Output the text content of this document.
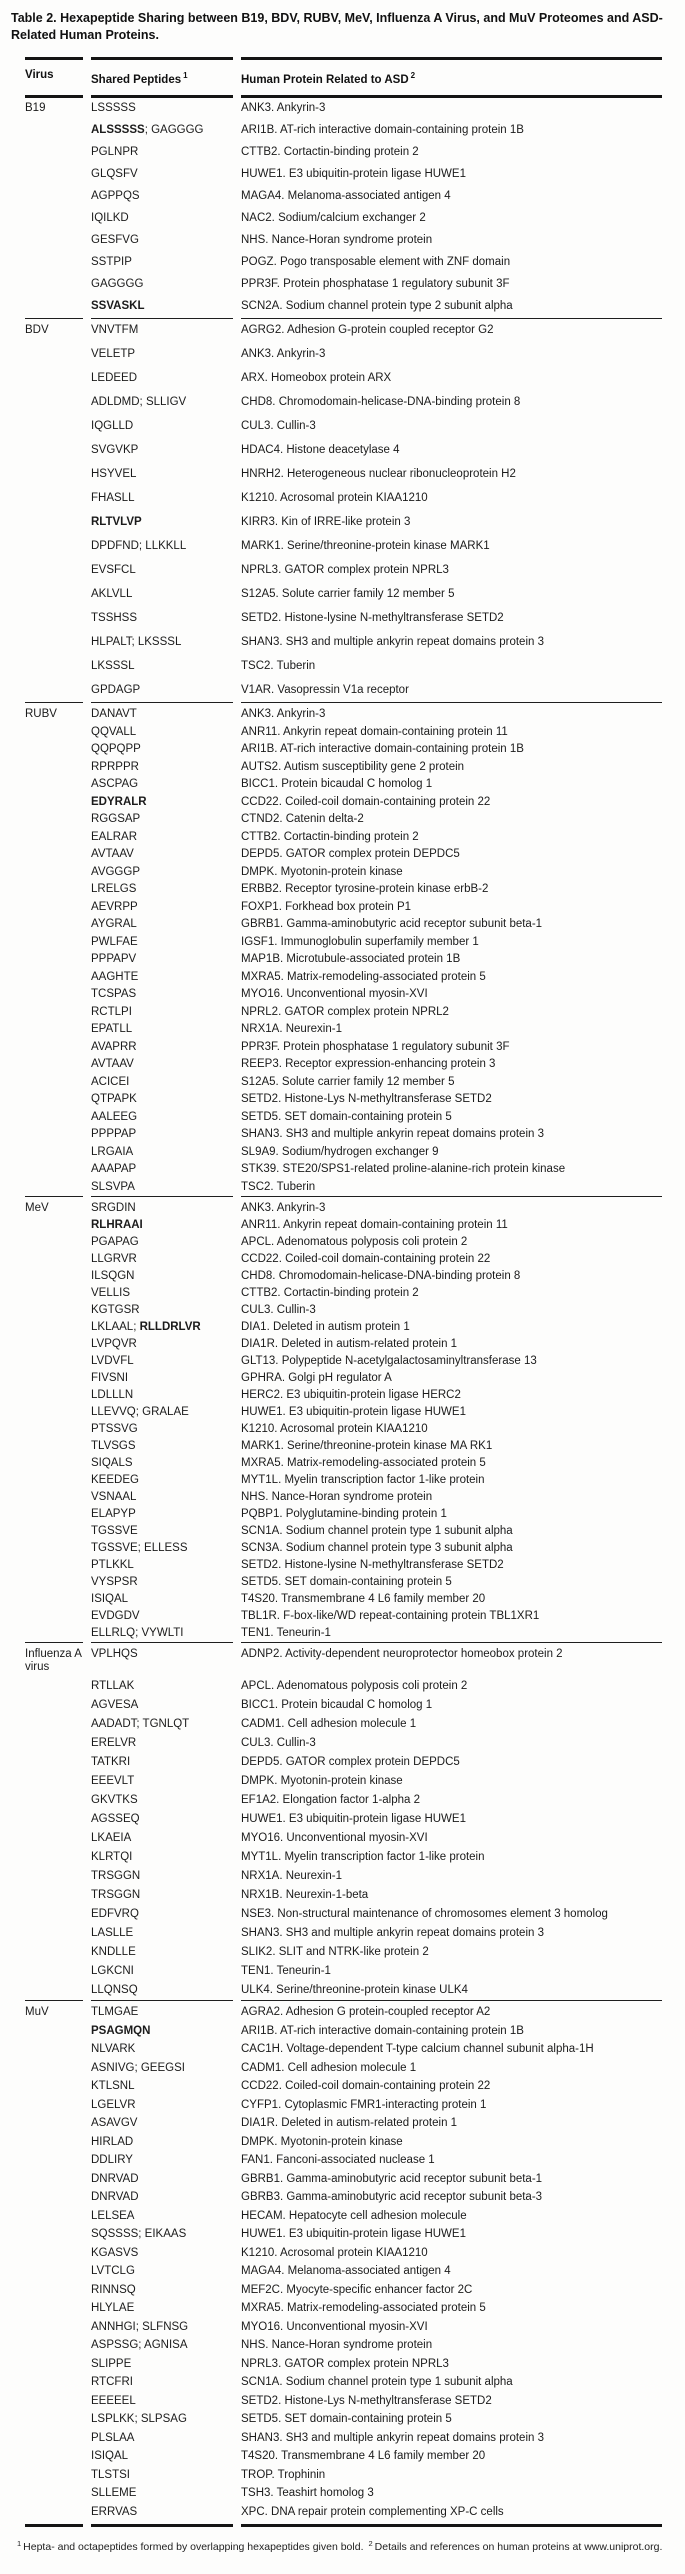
Table 2. Hexapeptide Sharing between B19, BDV, RUBV, MeV, Influenza A Virus, and MuV Proteomes and ASD-Related Human Proteins.
Virus	Shared Peptides $^1$	Human Protein Related to ASD $^2$
B19	LSSSSS	ANK3. Ankyrin-3
	ALSSSSS; GAGGGG	ARI1B. AT-rich interactive domain-containing protein 1B
	PGLNPR	CTTB2. Cortactin-binding protein 2
	GLQSFV	HUWE1. E3 ubiquitin-protein ligase HUWE1
	AGPPQS	MAGA4. Melanoma-associated antigen 4
	IQILKD	NAC2. Sodium/calcium exchanger 2
	GESFVG	NHS. Nance-Horan syndrome protein
	SSTPIP	POGZ. Pogo transposable element with ZNF domain
	GAGGGG	PPR3F. Protein phosphatase 1 regulatory subunit 3F
	SSVASKL	SCN2A. Sodium channel protein type 2 subunit alpha
BDV	VNVTFM	AGRG2. Adhesion G-protein coupled receptor G2
	VELETP	ANK3. Ankyrin-3
	LEDEED	ARX. Homeobox protein ARX
	ADLDMD; SLLIGV	CHD8. Chromodomain-helicase-DNA-binding protein 8
	IQGLLD	CUL3. Cullin-3
	SVGVKP	HDAC4. Histone deacetylase 4
	HSYVEL	HNRH2. Heterogeneous nuclear ribonucleoprotein H2
	FHASLL	K1210. Acrosomal protein KIAA1210
	RLTVLVP	KIRR3. Kin of IRRE-like protein 3
	DPDFND; LLKKLL	MARK1. Serine/threonine-protein kinase MARK1
	EVSFCL	NPRL3. GATOR complex protein NPRL3
	AKLVLL	S12A5. Solute carrier family 12 member 5
	TSSHSS	SETD2. Histone-lysine N-methyltransferase SETD2
	HLPALT; LKSSSL	SHAN3. SH3 and multiple ankyrin repeat domains protein 3
	LKSSSL	TSC2. Tuberin
	GPDAGP	V1AR. Vasopressin V1a receptor
RUBV	DANAVT	ANK3. Ankyrin-3
	QQVALL	ANR11. Ankyrin repeat domain-containing protein 11
	QQPQPP	ARI1B. AT-rich interactive domain-containing protein 1B
	RPRPPR	AUTS2. Autism susceptibility gene 2 protein
	ASCPAG	BICC1. Protein bicaudal C homolog 1
	EDYRALR	CCD22. Coiled-coil domain-containing protein 22
	RGGSAP	CTND2. Catenin delta-2
	EALRAR	CTTB2. Cortactin-binding protein 2
	AVTAAV	DEPD5. GATOR complex protein DEPDC5
	AVGGGP	DMPK. Myotonin-protein kinase
	LRELGS	ERBB2. Receptor tyrosine-protein kinase erbB-2
	AEVRPP	FOXP1. Forkhead box protein P1
	AYGRAL	GBRB1. Gamma-aminobutyric acid receptor subunit beta-1
	PWLFAE	IGSF1. Immunoglobulin superfamily member 1
	PPPAPV	MAP1B. Microtubule-associated protein 1B
	AAGHTE	MXRA5. Matrix-remodeling-associated protein 5
	TCSPAS	MYO16. Unconventional myosin-XVI
	RCTLPI	NPRL2. GATOR complex protein NPRL2
	EPATLL	NRX1A. Neurexin-1
	AVAPRR	PPR3F. Protein phosphatase 1 regulatory subunit 3F
	AVTAAV	REEP3. Receptor expression-enhancing protein 3
	ACICEI	S12A5. Solute carrier family 12 member 5
	QTPAPK	SETD2. Histone-Lys N-methyltransferase SETD2
	AALEEG	SETD5. SET domain-containing protein 5
	PPPPAP	SHAN3. SH3 and multiple ankyrin repeat domains protein 3
	LRGAIA	SL9A9. Sodium/hydrogen exchanger 9
	AAAPAP	STK39. STE20/SPS1-related proline-alanine-rich protein kinase
	SLSVPA	TSC2. Tuberin
MeV	SRGDIN	ANK3. Ankyrin-3
	RLHRAAI	ANR11. Ankyrin repeat domain-containing protein 11
	PGAPAG	APCL. Adenomatous polyposis coli protein 2
	LLGRVR	CCD22. Coiled-coil domain-containing protein 22
	ILSQGN	CHD8. Chromodomain-helicase-DNA-binding protein 8
	VELLIS	CTTB2. Cortactin-binding protein 2
	KGTGSR	CUL3. Cullin-3
	LKLAAL; RLLDRLVR	DIA1. Deleted in autism protein 1
	LVPQVR	DIA1R. Deleted in autism-related protein 1
	LVDVFL	GLT13. Polypeptide N-acetylgalactosaminyltransferase 13
	FIVSNI	GPHRA. Golgi pH regulator A
	LDLLLN	HERC2. E3 ubiquitin-protein ligase HERC2
	LLEVVQ; GRALAE	HUWE1. E3 ubiquitin-protein ligase HUWE1
	PTSSVG	K1210. Acrosomal protein KIAA1210
	TLVSGS	MARK1. Serine/threonine-protein kinase MA RK1
	SIQALS	MXRA5. Matrix-remodeling-associated protein 5
	KEEDEG	MYT1L. Myelin transcription factor 1-like protein
	VSNAAL	NHS. Nance-Horan syndrome protein
	ELAPYP	PQBP1. Polyglutamine-binding protein 1
	TGSSVE	SCN1A. Sodium channel protein type 1 subunit alpha
	TGSSVE; ELLESS	SCN3A. Sodium channel protein type 3 subunit alpha
	PTLKKL	SETD2. Histone-lysine N-methyltransferase SETD2
	VYSPSR	SETD5. SET domain-containing protein 5
	ISIQAL	T4S20. Transmembrane 4 L6 family member 20
	EVDGDV	TBL1R. F-box-like/WD repeat-containing protein TBL1XR1
	ELLRLQ; VYWLTI	TEN1. Teneurin-1
Influenza A virus	VPLHQS	ADNP2. Activity-dependent neuroprotector homeobox protein 2
	RTLLAK	APCL. Adenomatous polyposis coli protein 2
	AGVESA	BICC1. Protein bicaudal C homolog 1
	AADADT; TGNLQT	CADM1. Cell adhesion molecule 1
	ERELVR	CUL3. Cullin-3
	TATKRI	DEPD5. GATOR complex protein DEPDC5
	EEEVLT	DMPK. Myotonin-protein kinase
	GKVTKS	EF1A2. Elongation factor 1-alpha 2
	AGSSEQ	HUWE1. E3 ubiquitin-protein ligase HUWE1
	LKAEIA	MYO16. Unconventional myosin-XVI
	KLRTQI	MYT1L. Myelin transcription factor 1-like protein
	TRSGGN	NRX1A. Neurexin-1
	TRSGGN	NRX1B. Neurexin-1-beta
	EDFVRQ	NSE3. Non-structural maintenance of chromosomes element 3 homolog
	LASLLE	SHAN3. SH3 and multiple ankyrin repeat domains protein 3
	KNDLLE	SLIK2. SLIT and NTRK-like protein 2
	LGKCNI	TEN1. Teneurin-1
	LLQNSQ	ULK4. Serine/threonine-protein kinase ULK4
MuV	TLMGAE	AGRA2. Adhesion G protein-coupled receptor A2
	PSAGMQN	ARI1B. AT-rich interactive domain-containing protein 1B
	NLVARK	CAC1H. Voltage-dependent T-type calcium channel subunit alpha-1H
	ASNIVG; GEEGSI	CADM1. Cell adhesion molecule 1
	KTLSNL	CCD22. Coiled-coil domain-containing protein 22
	LGELVR	CYFP1. Cytoplasmic FMR1-interacting protein 1
	ASAVGV	DIA1R. Deleted in autism-related protein 1
	HIRLAD	DMPK. Myotonin-protein kinase
	DDLIRY	FAN1. Fanconi-associated nuclease 1
	DNRVAD	GBRB1. Gamma-aminobutyric acid receptor subunit beta-1
	DNRVAD	GBRB3. Gamma-aminobutyric acid receptor subunit beta-3
	LELSEA	HECAM. Hepatocyte cell adhesion molecule
	SQSSSS; EIKAAS	HUWE1. E3 ubiquitin-protein ligase HUWE1
	KGASVS	K1210. Acrosomal protein KIAA1210
	LVTCLG	MAGA4. Melanoma-associated antigen 4
	RINNSQ	MEF2C. Myocyte-specific enhancer factor 2C
	HLYLAE	MXRA5. Matrix-remodeling-associated protein 5
	ANNHGI; SLFNSG	MYO16. Unconventional myosin-XVI
	ASPSSG; AGNISA	NHS. Nance-Horan syndrome protein
	SLIPPE	NPRL3. GATOR complex protein NPRL3
	RTCFRI	SCN1A. Sodium channel protein type 1 subunit alpha
	EEEEEL	SETD2. Histone-Lys N-methyltransferase SETD2
	LSPLKK; SLPSAG	SETD5. SET domain-containing protein 5
	PLSLAA	SHAN3. SH3 and multiple ankyrin repeat domains protein 3
	ISIQAL	T4S20. Transmembrane 4 L6 family member 20
	TLSTSI	TROP. Trophinin
	SLLEME	TSH3. Teashirt homolog 3
	ERRVAS	XPC. DNA repair protein complementing XP-C cells

$^1$ Hepta- and octapeptides formed by overlapping hexapeptides given bold. $^2$ Details and references on human proteins at www.uniprot.org.
